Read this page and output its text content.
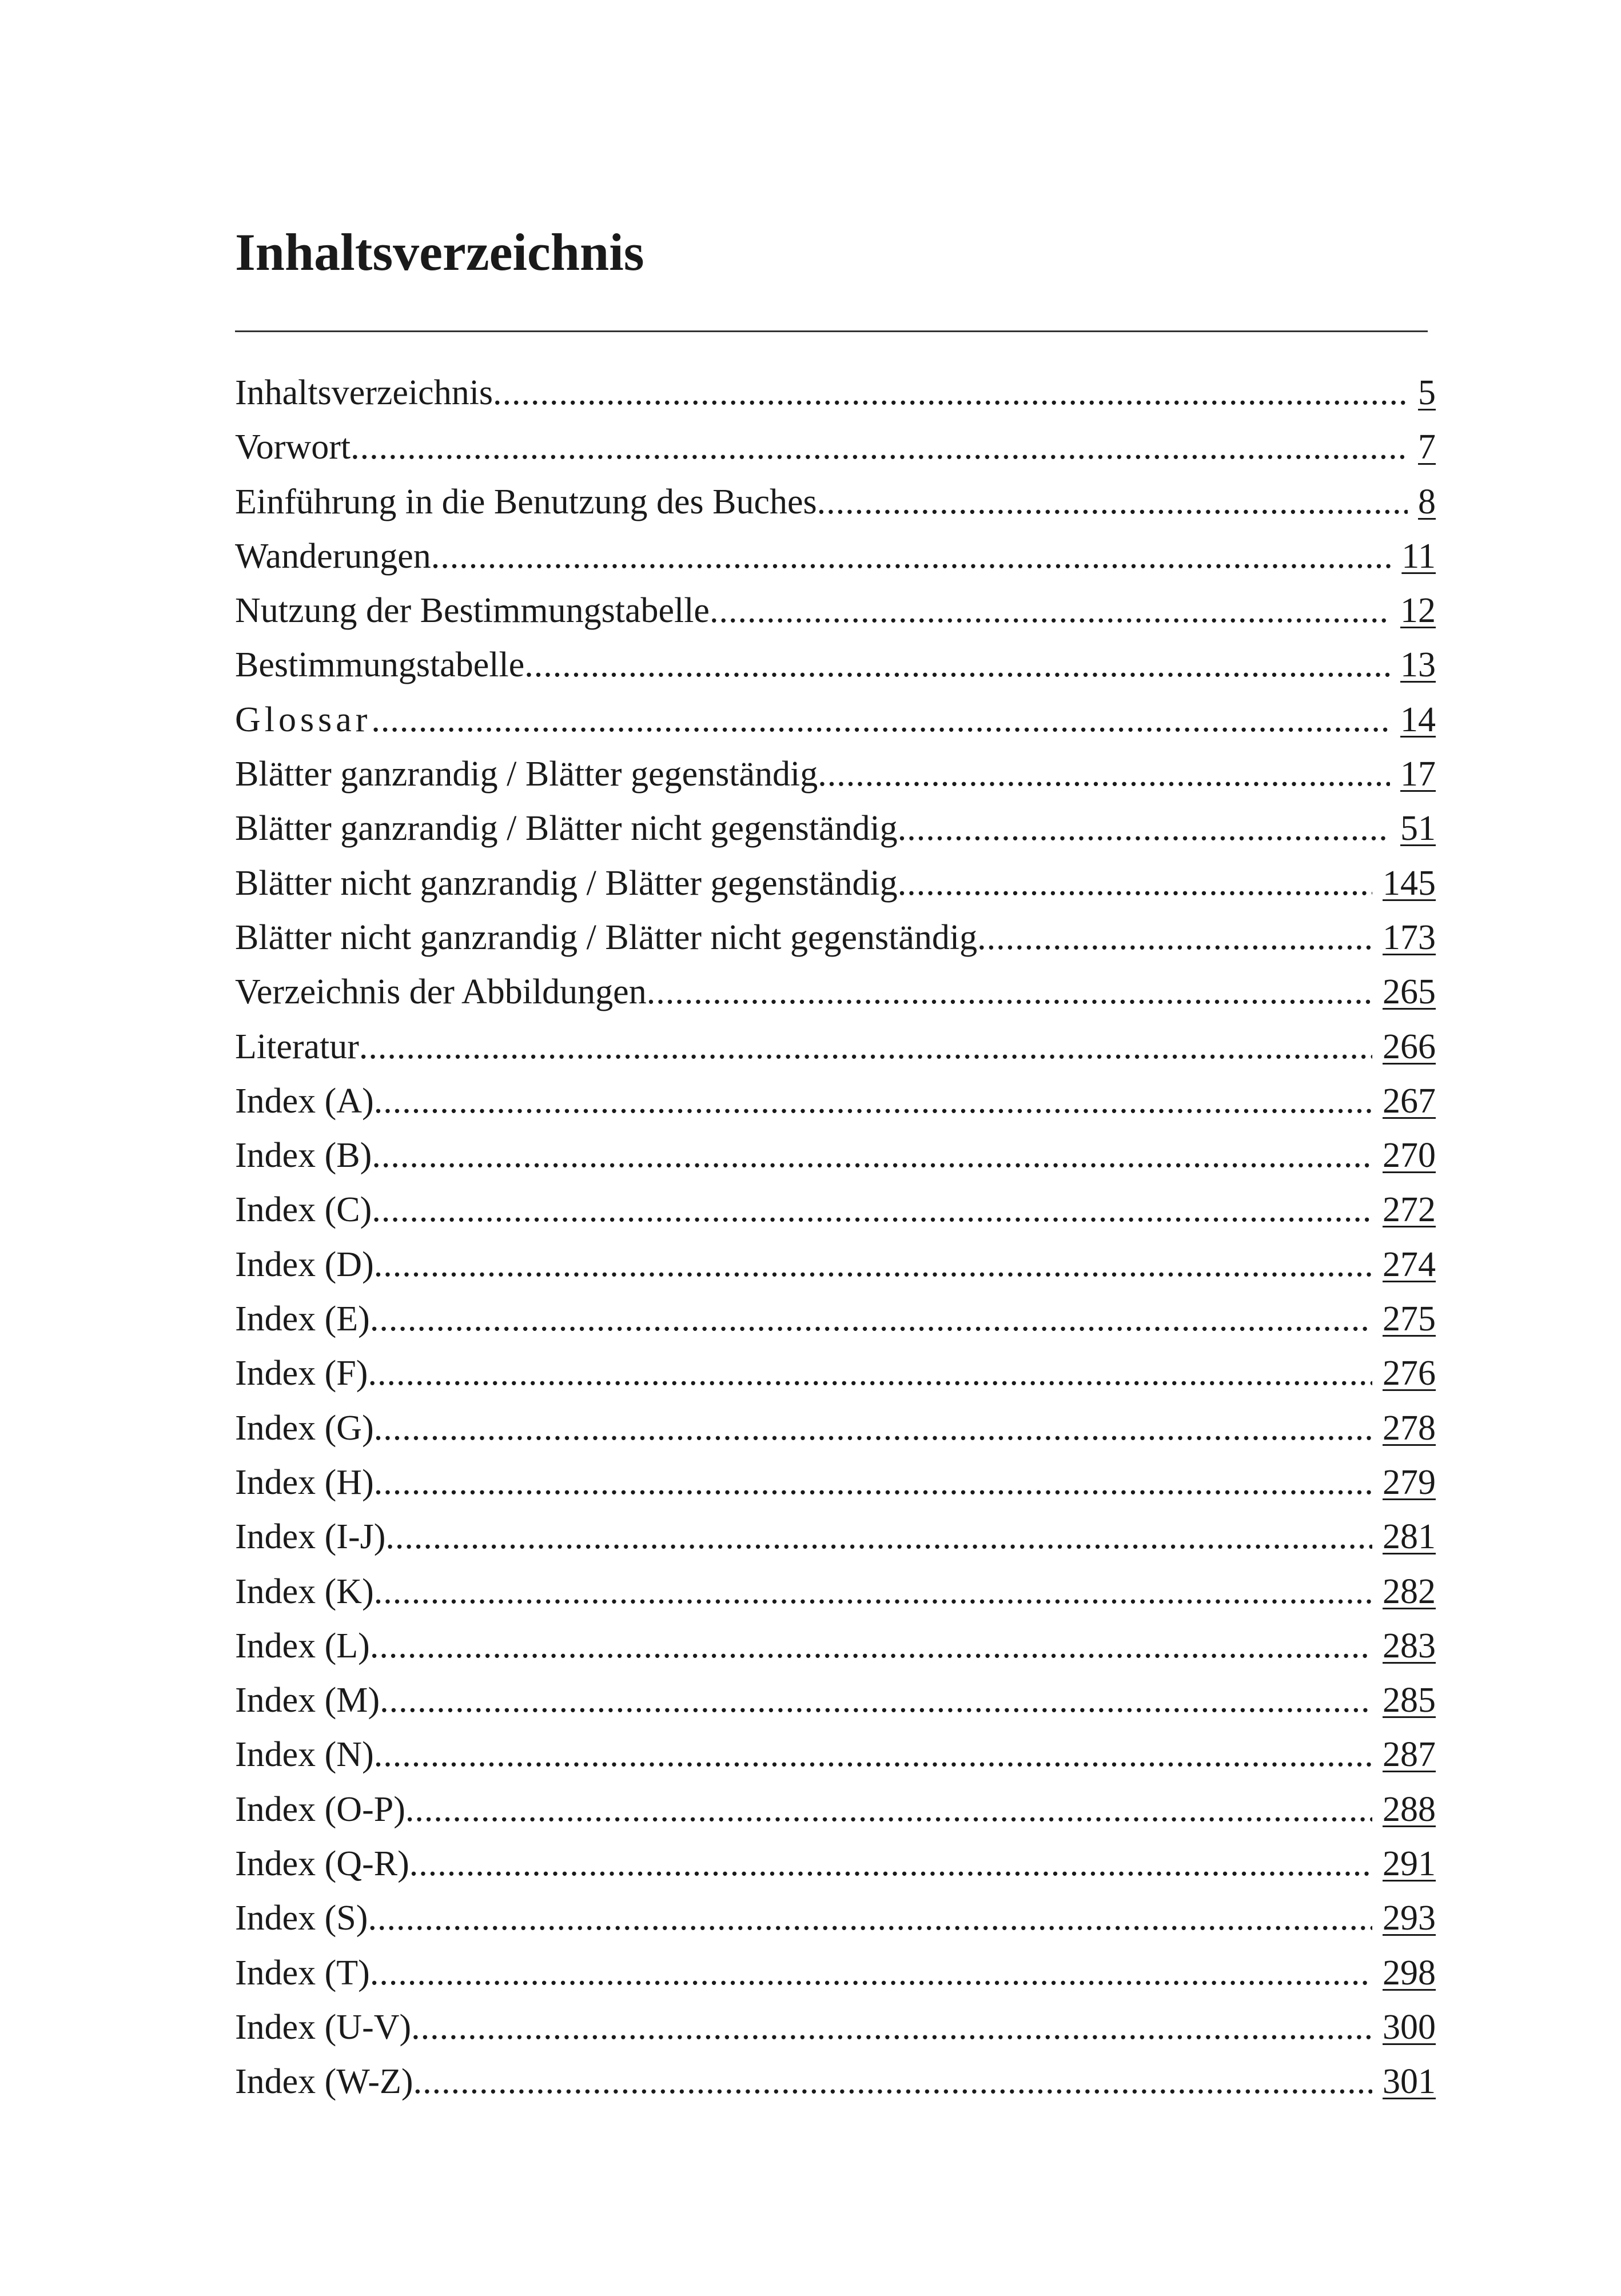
Inhaltsverzeichnis
Inhaltsverzeichnis .....	5
Vorwort .....	7
Einführung in die Benutzung des Buches .....	8
Wanderungen .....	11
Nutzung der Bestimmungstabelle .....	12
Bestimmungstabelle .....	13
Glossar .....	14
Blätter ganzrandig / Blätter gegenständig .....	17
Blätter ganzrandig / Blätter nicht gegenständig .....	51
Blätter nicht ganzrandig / Blätter gegenständig .....	145
Blätter nicht ganzrandig / Blätter nicht gegenständig .....	173
Verzeichnis der Abbildungen .....	265
Literatur .....	266
Index (A) .....	267
Index (B) .....	270
Index (C) .....	272
Index (D) .....	274
Index (E) .....	275
Index (F) .....	276
Index (G) .....	278
Index (H) .....	279
Index (I-J) .....	281
Index (K) .....	282
Index (L) .....	283
Index (M) .....	285
Index (N) .....	287
Index (O-P) .....	288
Index (Q-R) .....	291
Index (S) .....	293
Index (T) .....	298
Index (U-V) .....	300
Index (W-Z) .....	301
